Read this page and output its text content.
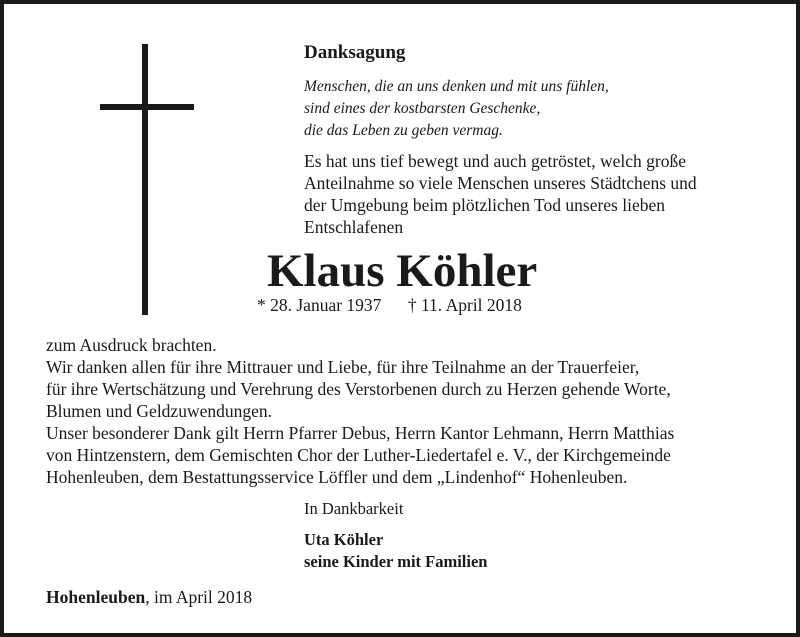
Danksagung
Menschen, die an uns denken und mit uns fühlen,
sind eines der kostbarsten Geschenke,
die das Leben zu geben vermag.
Es hat uns tief bewegt und auch getröstet, welch große
Anteilnahme so viele Menschen unseres Städtchens und
der Umgebung beim plötzlichen Tod unseres lieben
Entschlafenen
Klaus Köhler
* 28. Januar 1937 † 11. April 2018
zum Ausdruck brachten.
Wir danken allen für ihre Mittrauer und Liebe, für ihre Teilnahme an der Trauerfeier,
für ihre Wertschätzung und Verehrung des Verstorbenen durch zu Herzen gehende Worte,
Blumen und Geldzuwendungen.
Unser besonderer Dank gilt Herrn Pfarrer Debus, Herrn Kantor Lehmann, Herrn Matthias
von Hintzenstern, dem Gemischten Chor der Luther-Liedertafel e. V., der Kirchgemeinde
Hohenleuben, dem Bestattungsservice Löffler und dem „Lindenhof“ Hohenleuben.
In Dankbarkeit
Uta Köhler
seine Kinder mit Familien
Hohenleuben, im April 2018
